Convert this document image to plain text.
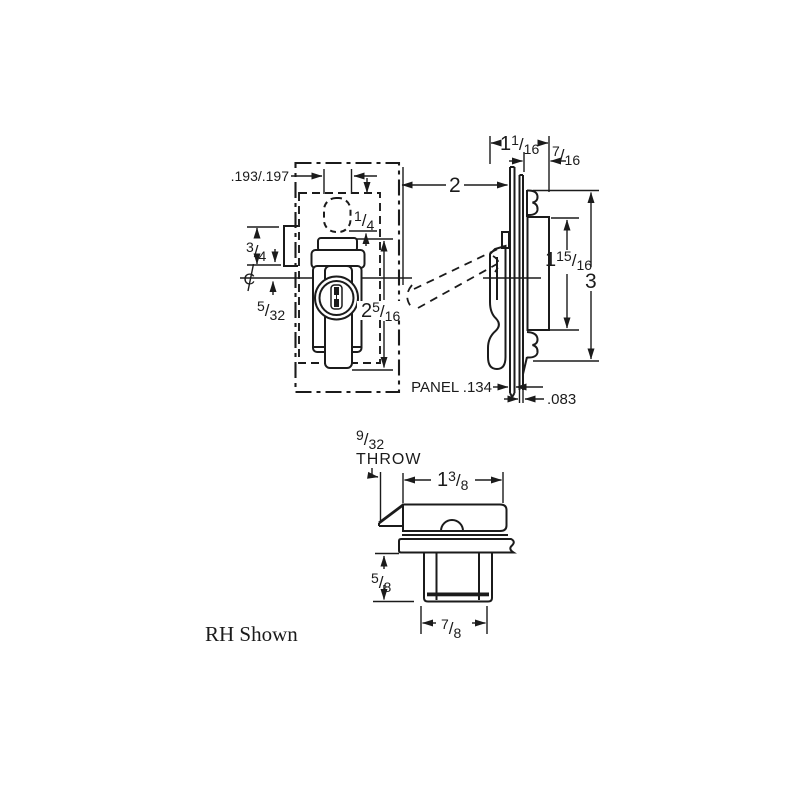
C
.193/.197
1/4
3/4
5/32	25/16
2
11/16 7/16
115/16
3
PANEL .134
.083
9/32
THROW
13/8
5/8
7/8
RH Shown
